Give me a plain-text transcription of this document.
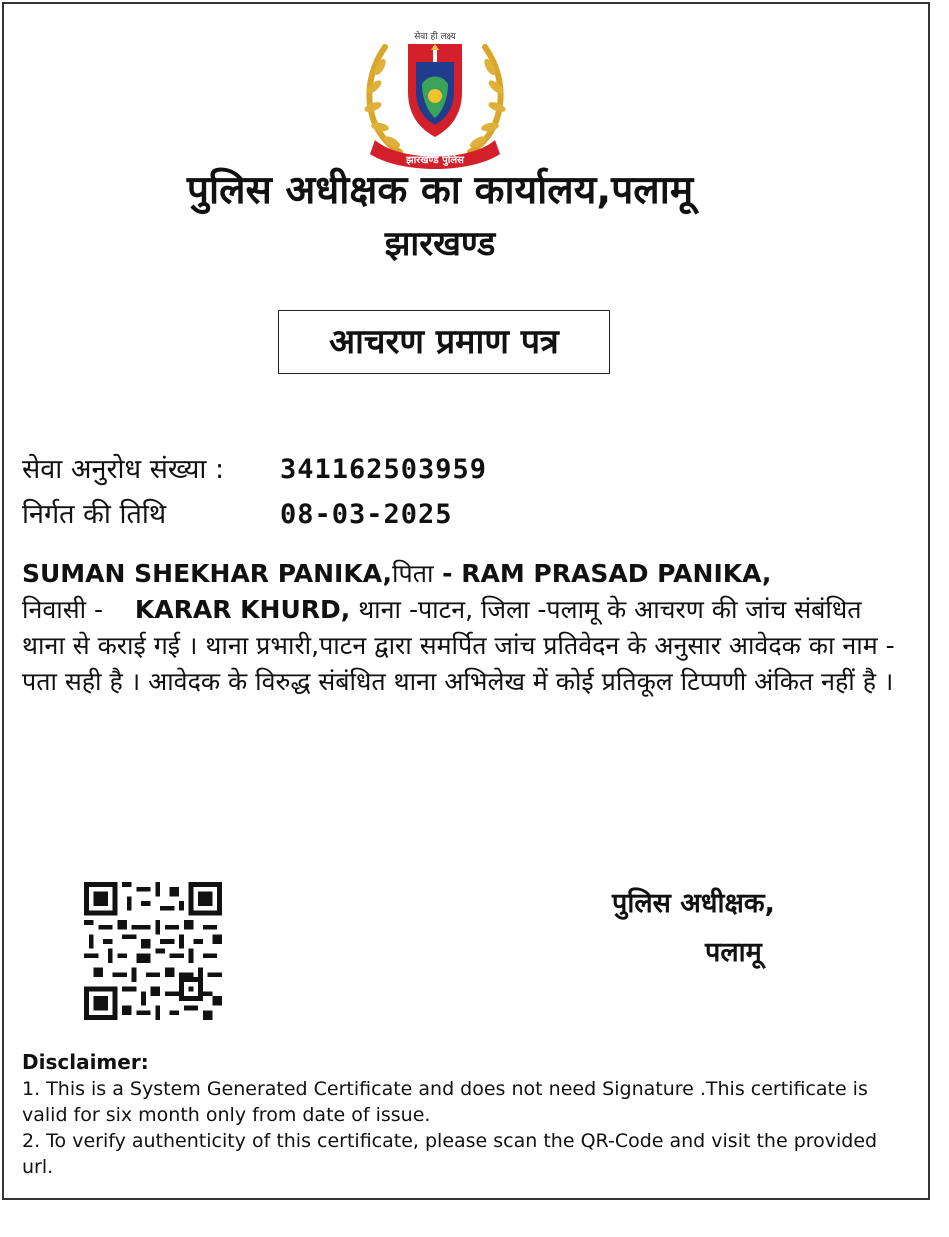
सेवा ही लक्ष्य
झारखण्ड पुलिस
पुलिस अधीक्षक का कार्यालय,पलामू
झारखण्ड
आचरण प्रमाण पत्र
सेवा अनुरोध संख्या : 341162503959
निर्गत की तिथि	08-03-2025
SUMAN SHEKHAR PANIKA,पिता - RAM PRASAD PANIKA,
निवासी - KARAR KHURD, थाना -पाटन, जिला -पलामू के आचरण की जांच संबंधित थाना से कराई गई । थाना प्रभारी,पाटन द्वारा समर्पित जांच प्रतिवेदन के अनुसार आवेदक का नाम - पता सही है । आवेदक के विरुद्ध संबंधित थाना अभिलेख में कोई प्रतिकूल टिप्पणी अंकित नहीं है ।
पुलिस अधीक्षक,
पलामू
Disclaimer:
1. This is a System Generated Certificate and does not need Signature .This certificate is valid for six month only from date of issue.
2. To verify authenticity of this certificate, please scan the QR-Code and visit the provided url.
